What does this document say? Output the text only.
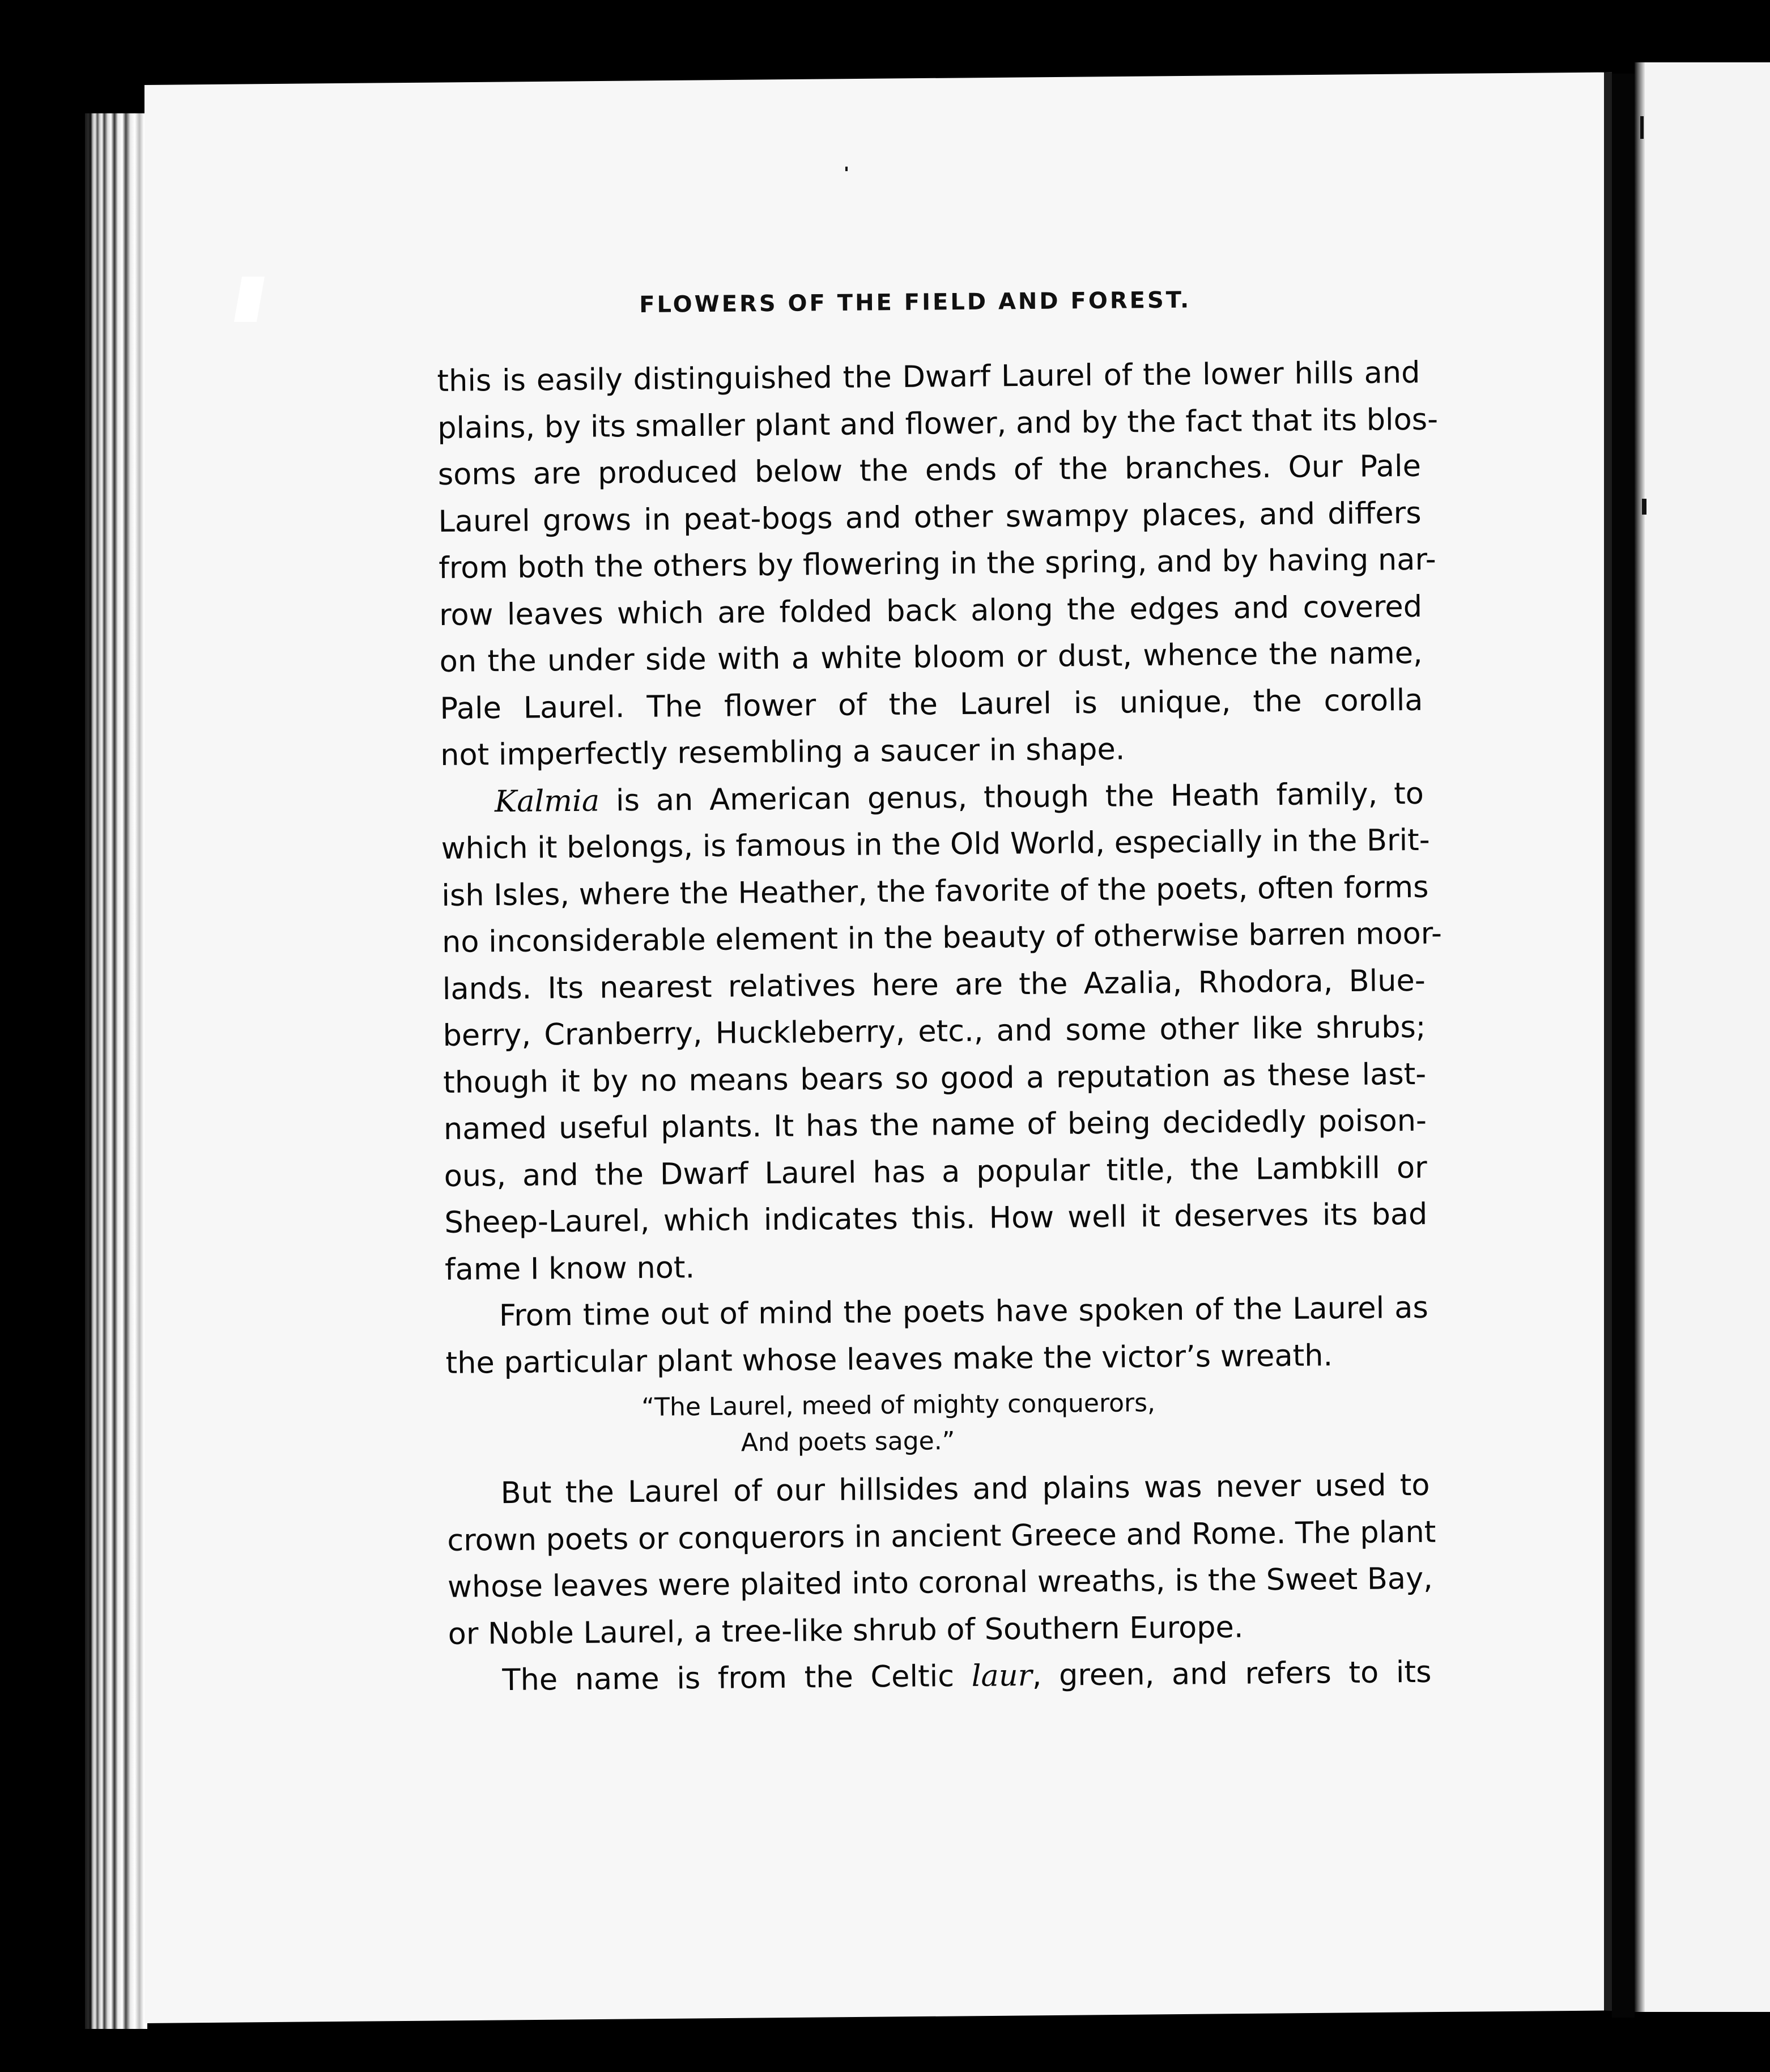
FLOWERS OF THE FIELD AND FOREST.
this is easily distinguished the Dwarf Laurel of the lower hills and
plains, by its smaller plant and flower, and by the fact that its blos-
soms are produced below the ends of the branches. Our Pale
Laurel grows in peat-bogs and other swampy places, and differs
from both the others by flowering in the spring, and by having nar-
row leaves which are folded back along the edges and covered
on the under side with a white bloom or dust, whence the name,
Pale Laurel. The flower of the Laurel is unique, the corolla
not imperfectly resembling a saucer in shape.
Kalmia is an American genus, though the Heath family, to
which it belongs, is famous in the Old World, especially in the Brit-
ish Isles, where the Heather, the favorite of the poets, often forms
no inconsiderable element in the beauty of otherwise barren moor-
lands. Its nearest relatives here are the Azalia, Rhodora, Blue-
berry, Cranberry, Huckleberry, etc., and some other like shrubs;
though it by no means bears so good a reputation as these last-
named useful plants. It has the name of being decidedly poison-
ous, and the Dwarf Laurel has a popular title, the Lambkill or
Sheep-Laurel, which indicates this. How well it deserves its bad
fame I know not.
From time out of mind the poets have spoken of the Laurel as
the particular plant whose leaves make the victor’s wreath.
“The Laurel, meed of mighty conquerors,
And poets sage.”
But the Laurel of our hillsides and plains was never used to
crown poets or conquerors in ancient Greece and Rome. The plant
whose leaves were plaited into coronal wreaths, is the Sweet Bay,
or Noble Laurel, a tree-like shrub of Southern Europe.
The name is from the Celtic laur, green, and refers to its
